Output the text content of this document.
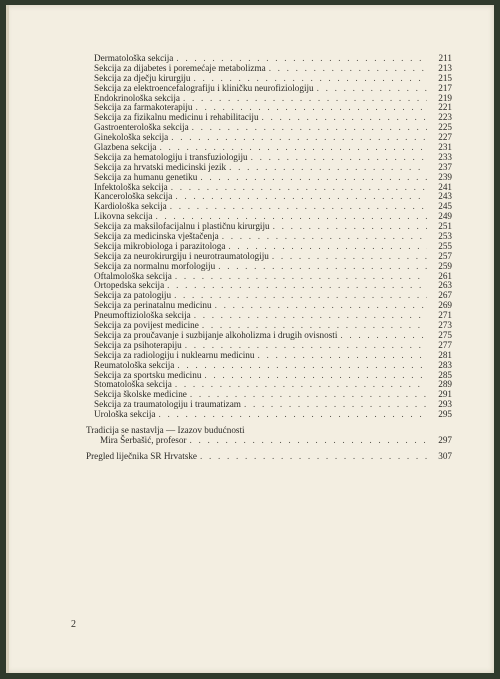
Dermatološka sekcija . . .	211
Sekcija za dijabetes i poremećaje metabolizma . . .	213
Sekcija za dječju kirurgiju . . .	215
Sekcija za elektroencefalografiju i kliničku neurofiziologiju . . .	217
Endokrinološka sekcija . . .	219
Sekcija za farmakoterapiju . . .	221
Sekcija za fizikalnu medicinu i rehabilitaciju . . .	223
Gastroenterološka sekcija . . .	225
Ginekološka sekcija . . .	227
Glazbena sekcija . . .	231
Sekcija za hematologiju i transfuziologiju . . .	233
Sekcija za hrvatski medicinski jezik . . .	237
Sekcija za humanu genetiku . . .	239
Infektološka sekcija . . .	241
Kancerološka sekcija . . .	243
Kardiološka sekcija . . .	245
Likovna sekcija . . .	249
Sekcija za maksilofacijalnu i plastičnu kirurgiju . . .	251
Sekcija za medicinska vještačenja . . .	253
Sekcija mikrobiologa i parazitologa . . .	255
Sekcija za neurokirurgiju i neurotraumatologiju . . .	257
Sekcija za normalnu morfologiju . . .	259
Oftalmološka sekcija . . .	261
Ortopedska sekcija . . .	263
Sekcija za patologiju . . .	267
Sekcija za perinatalnu medicinu . . .	269
Pneumoftiziološka sekcija . . .	271
Sekcija za povijest medicine . . .	273
Sekcija za proučavanje i suzbijanje alkoholizma i drugih ovisnosti . . .	275
Sekcija za psihoterapiju . . .	277
Sekcija za radiologiju i nuklearnu medicinu . . .	281
Reumatološka sekcija . . .	283
Sekcija za sportsku medicinu . . .	285
Stomatološka sekcija . . .	289
Sekcija školske medicine . . .	291
Sekcija za traumatologiju i traumatizam . . .	293
Urološka sekcija . . .	295
Tradicija se nastavlja — Izazov budućnosti
Mira Šerbašić, profesor . . .	297
Pregled liječnika SR Hrvatske . . .	307
2
